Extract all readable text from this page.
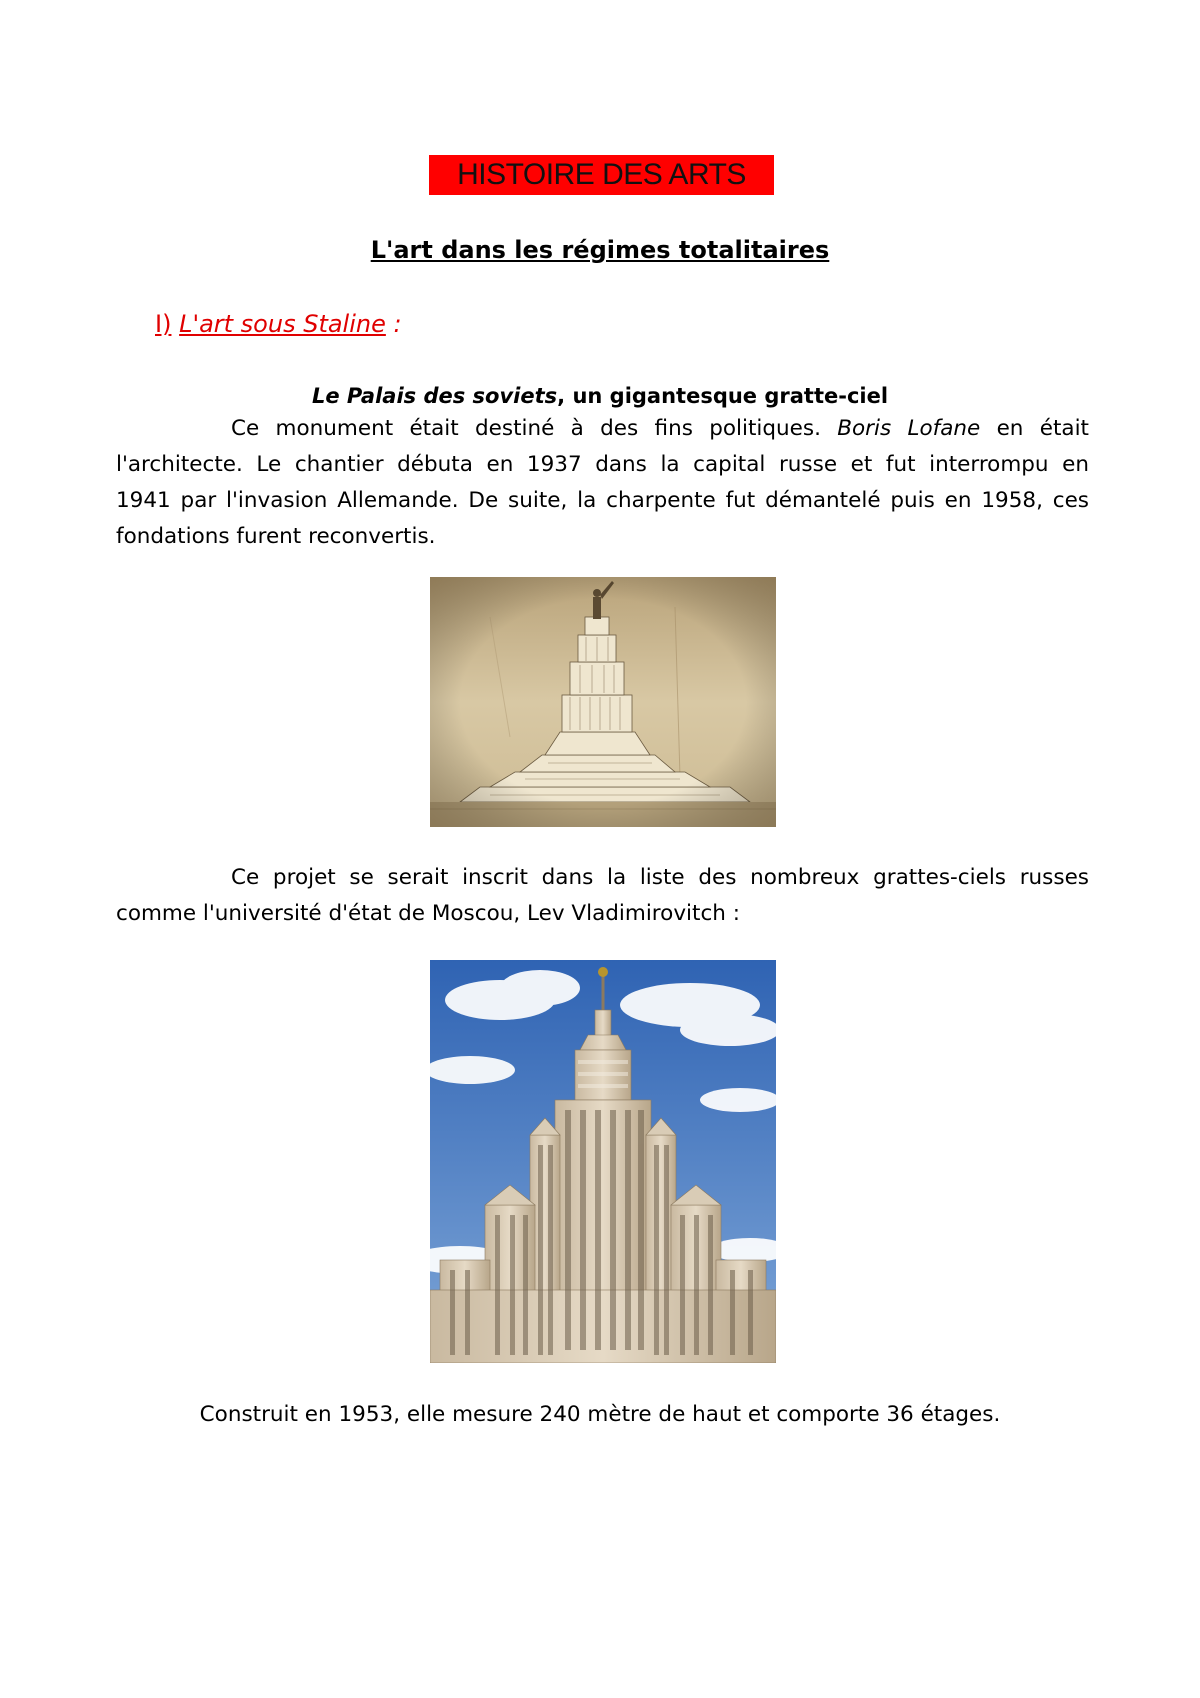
HISTOIRE DES ARTS
L'art dans les régimes totalitaires
I) L'art sous Staline :
Le Palais des soviets, un gigantesque gratte-ciel
Ce monument était destiné à des fins politiques. Boris Lofane en était
l'architecte. Le chantier débuta en 1937 dans la capital russe et fut interrompu en
1941 par l'invasion Allemande. De suite, la charpente fut démantelé puis en 1958, ces
fondations furent reconvertis.
Ce projet se serait inscrit dans la liste des nombreux grattes-ciels russes
comme l'université d'état de Moscou, Lev Vladimirovitch :
Construit en 1953, elle mesure 240 mètre de haut et comporte 36 étages.
